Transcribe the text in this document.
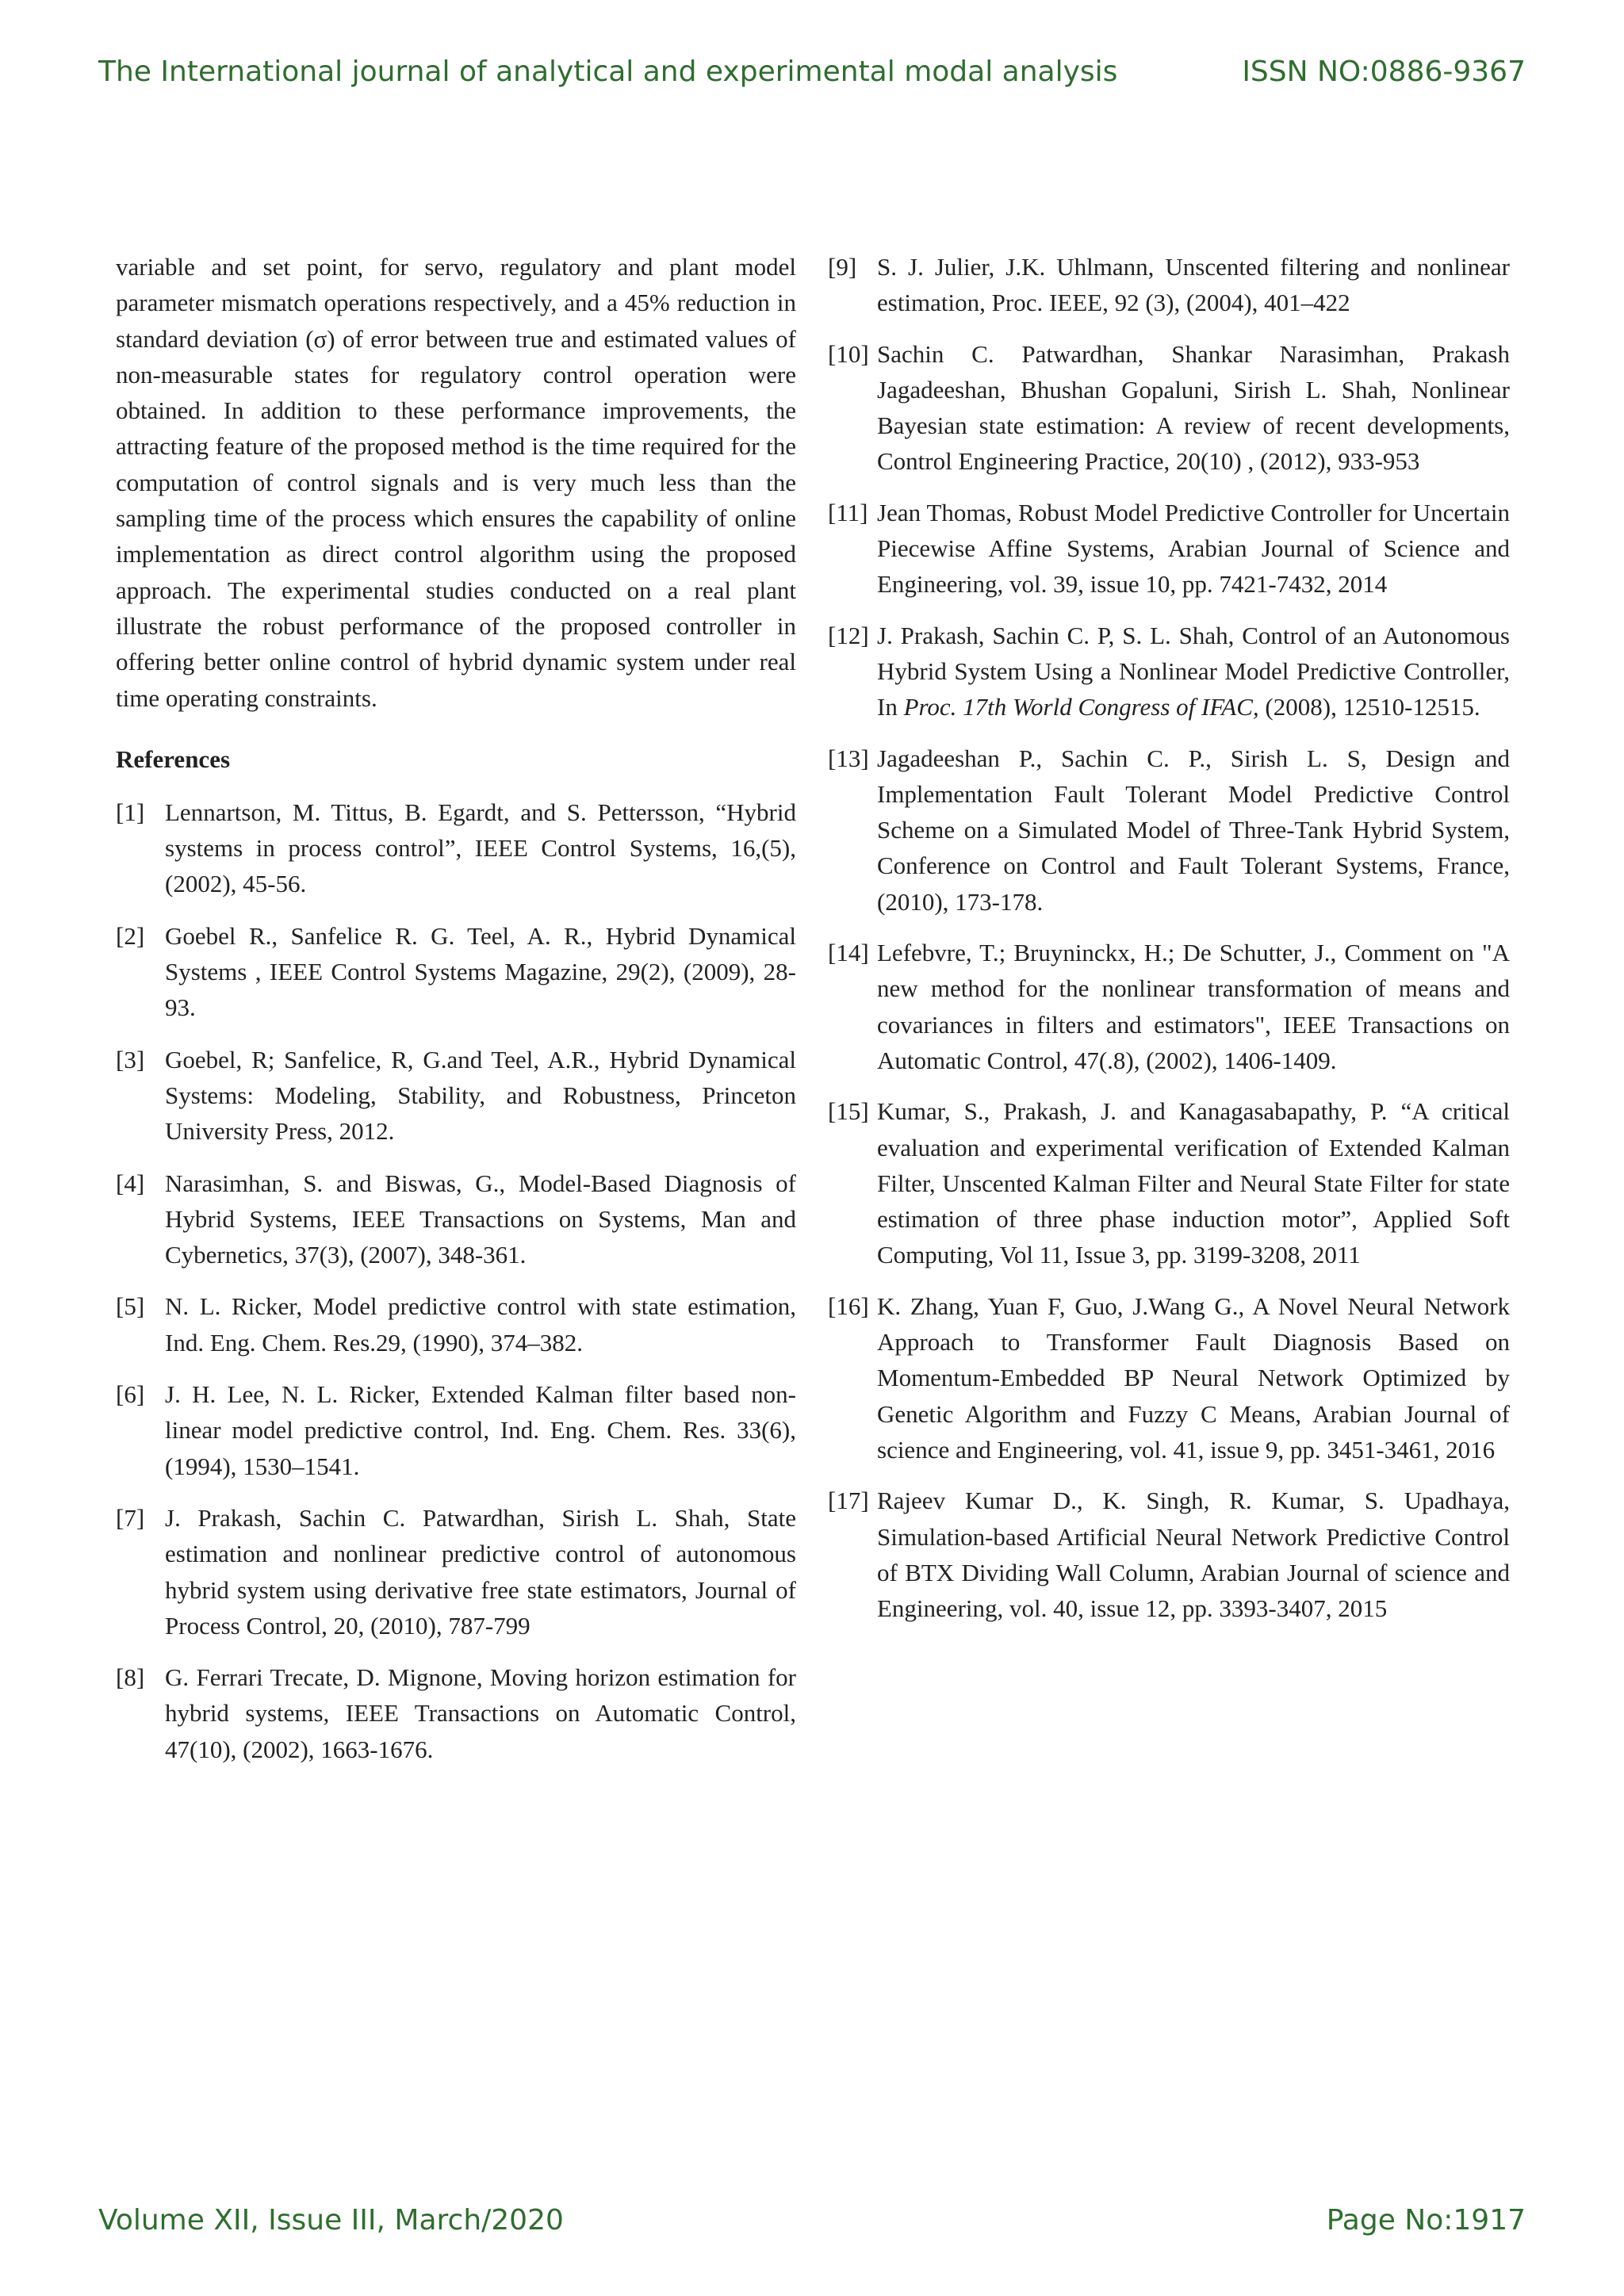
The International journal of analytical and experimental modal analysis	ISSN NO:0886-9367

variable and set point, for servo, regulatory and plant model parameter mismatch operations respectively, and a 45% reduction in standard deviation (σ) of error between true and estimated values of non-measurable states for regulatory control operation were obtained. In addition to these performance improvements, the attracting feature of the proposed method is the time required for the computation of control signals and is very much less than the sampling time of the process which ensures the capability of online implementation as direct control algorithm using the proposed approach. The experimental studies conducted on a real plant illustrate the robust performance of the proposed controller in offering better online control of hybrid dynamic system under real time operating constraints.

References
[1] Lennartson, M. Tittus, B. Egardt, and S. Pettersson, “Hybrid systems in process control”, IEEE Control Systems, 16,(5), (2002), 45-56.
[2] Goebel R., Sanfelice R. G. Teel, A. R., Hybrid Dynamical Systems , IEEE Control Systems Magazine, 29(2), (2009), 28-93.
[3] Goebel, R; Sanfelice, R, G.and Teel, A.R., Hybrid Dynamical Systems: Modeling, Stability, and Robustness, Princeton University Press, 2012.
[4] Narasimhan, S. and Biswas, G., Model-Based Diagnosis of Hybrid Systems, IEEE Transactions on Systems, Man and Cybernetics, 37(3), (2007), 348-361.
[5] N. L. Ricker, Model predictive control with state estimation, Ind. Eng. Chem. Res.29, (1990), 374–382.
[6] J. H. Lee, N. L. Ricker, Extended Kalman filter based non-linear model predictive control, Ind. Eng. Chem. Res. 33(6), (1994), 1530–1541.
[7] J. Prakash, Sachin C. Patwardhan, Sirish L. Shah, State estimation and nonlinear predictive control of autonomous hybrid system using derivative free state estimators, Journal of Process Control, 20, (2010), 787-799
[8] G. Ferrari Trecate, D. Mignone, Moving horizon estimation for hybrid systems, IEEE Transactions on Automatic Control, 47(10), (2002), 1663-1676.
[9] S. J. Julier, J.K. Uhlmann, Unscented filtering and nonlinear estimation, Proc. IEEE, 92 (3), (2004), 401–422
[10] Sachin C. Patwardhan, Shankar Narasimhan, Prakash Jagadeeshan, Bhushan Gopaluni, Sirish L. Shah, Nonlinear Bayesian state estimation: A review of recent developments, Control Engineering Practice, 20(10) , (2012), 933-953
[11] Jean Thomas, Robust Model Predictive Controller for Uncertain Piecewise Affine Systems, Arabian Journal of Science and Engineering, vol. 39, issue 10, pp. 7421-7432, 2014
[12] J. Prakash, Sachin C. P, S. L. Shah, Control of an Autonomous Hybrid System Using a Nonlinear Model Predictive Controller, In Proc. 17th World Congress of IFAC, (2008), 12510-12515.
[13] Jagadeeshan P., Sachin C. P., Sirish L. S, Design and Implementation Fault Tolerant Model Predictive Control Scheme on a Simulated Model of Three-Tank Hybrid System, Conference on Control and Fault Tolerant Systems, France, (2010), 173-178.
[14] Lefebvre, T.; Bruyninckx, H.; De Schutter, J., Comment on "A new method for the nonlinear transformation of means and covariances in filters and estimators", IEEE Transactions on Automatic Control, 47(.8), (2002), 1406-1409.
[15] Kumar, S., Prakash, J. and Kanagasabapathy, P. “A critical evaluation and experimental verification of Extended Kalman Filter, Unscented Kalman Filter and Neural State Filter for state estimation of three phase induction motor”, Applied Soft Computing, Vol 11, Issue 3, pp. 3199-3208, 2011
[16] K. Zhang, Yuan F, Guo, J.Wang G., A Novel Neural Network Approach to Transformer Fault Diagnosis Based on Momentum-Embedded BP Neural Network Optimized by Genetic Algorithm and Fuzzy C Means, Arabian Journal of science and Engineering, vol. 41, issue 9, pp. 3451-3461, 2016
[17] Rajeev Kumar D., K. Singh, R. Kumar, S. Upadhaya, Simulation-based Artificial Neural Network Predictive Control of BTX Dividing Wall Column, Arabian Journal of science and Engineering, vol. 40, issue 12, pp. 3393-3407, 2015
Volume XII, Issue III, March/2020	Page No:1917
